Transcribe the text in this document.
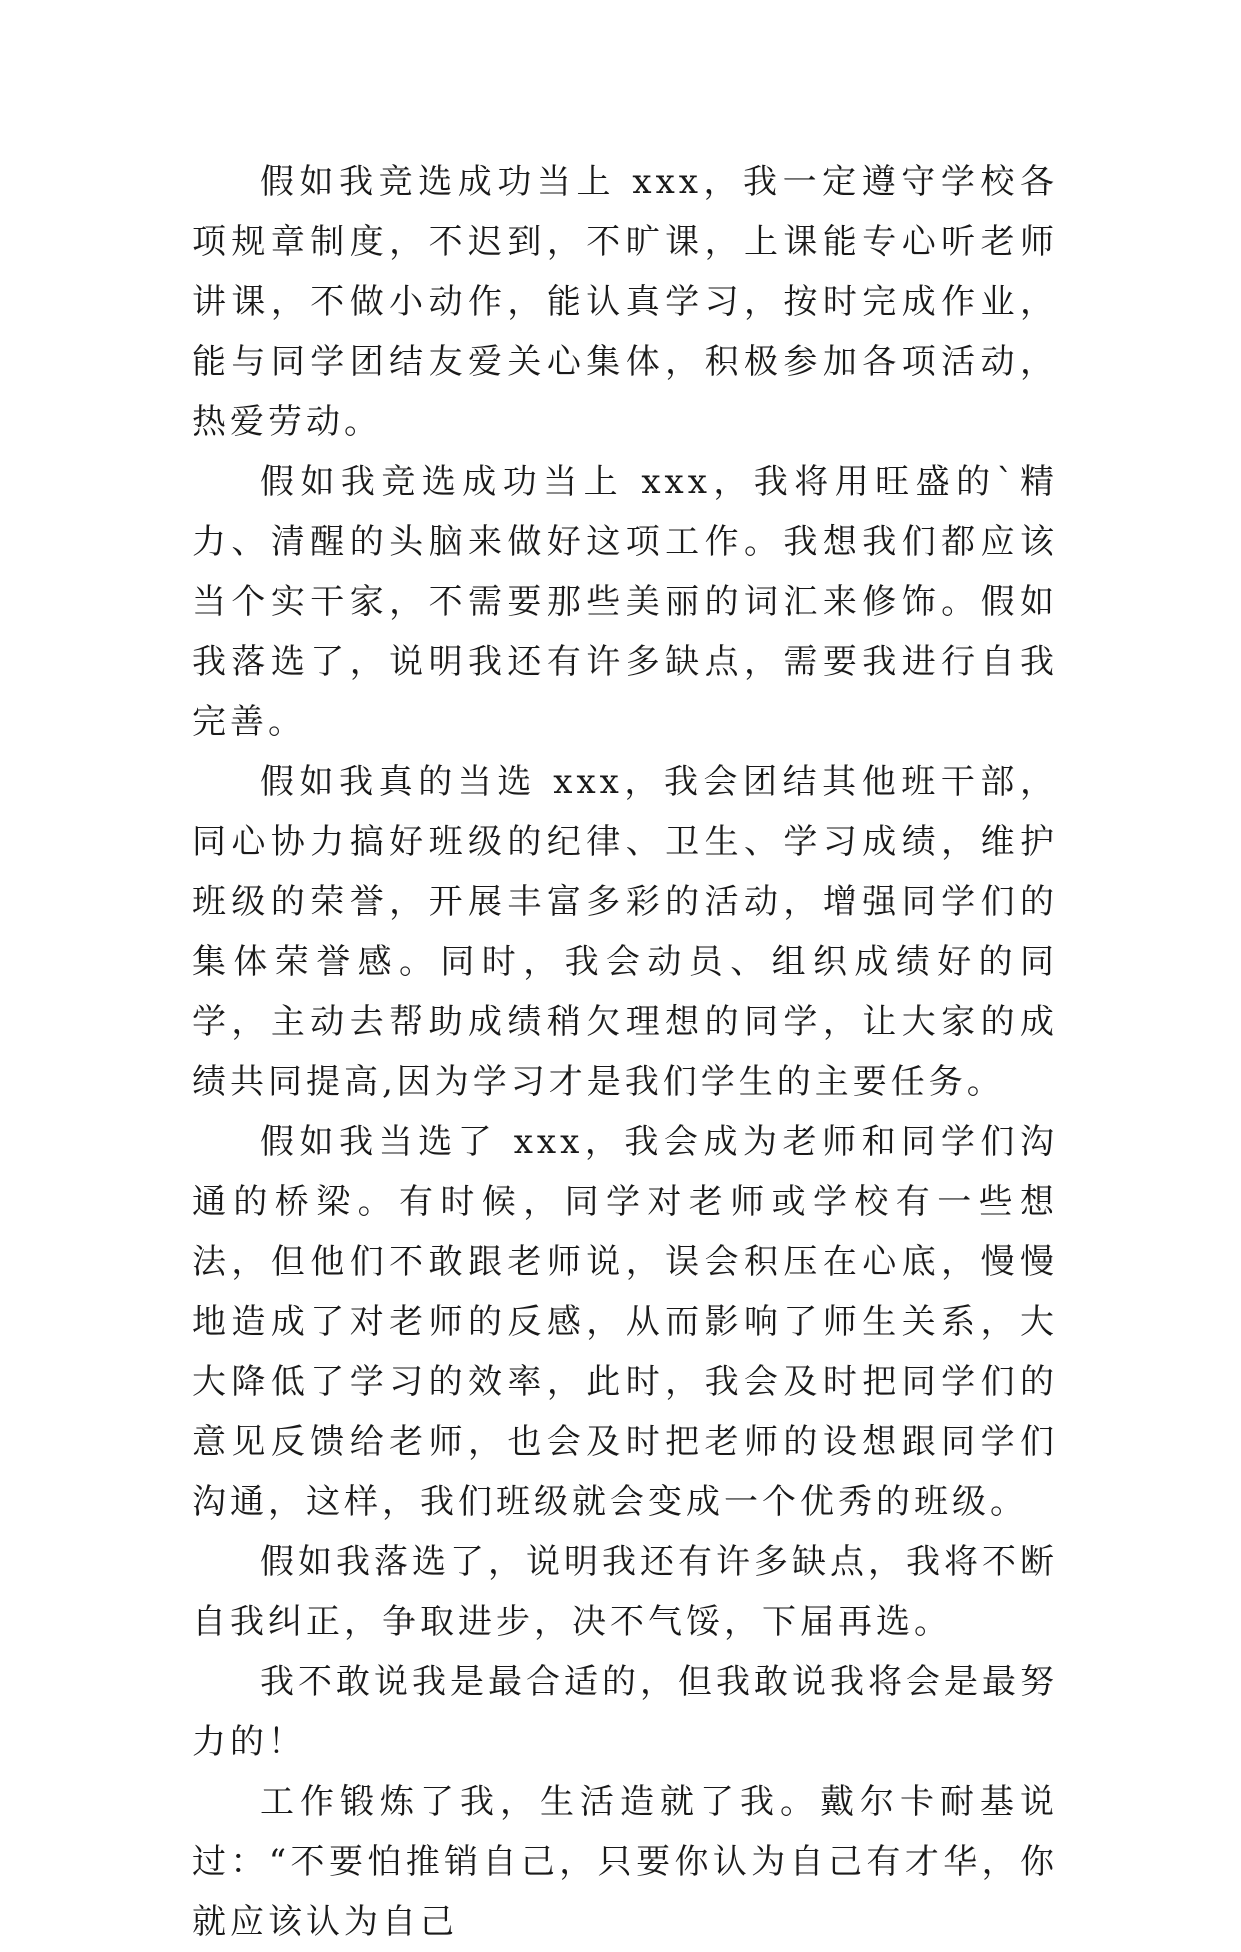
假如我竞选成功当上 xxx，我一定遵守学校各项规章制度，不迟到，不旷课，上课能专心听老师讲课，不做小动作，能认真学习，按时完成作业，能与同学团结友爱关心集体，积极参加各项活动，热爱劳动。

假如我竞选成功当上 xxx，我将用旺盛的`精力、清醒的头脑来做好这项工作。我想我们都应该当个实干家，不需要那些美丽的词汇来修饰。假如我落选了，说明我还有许多缺点，需要我进行自我完善。

假如我真的当选 xxx，我会团结其他班干部，同心协力搞好班级的纪律、卫生、学习成绩，维护班级的荣誉，开展丰富多彩的活动，增强同学们的集体荣誉感。同时，我会动员、组织成绩好的同学，主动去帮助成绩稍欠理想的同学，让大家的成绩共同提高,因为学习才是我们学生的主要任务。

假如我当选了 xxx，我会成为老师和同学们沟通的桥梁。有时候，同学对老师或学校有一些想法，但他们不敢跟老师说，误会积压在心底，慢慢地造成了对老师的反感，从而影响了师生关系，大大降低了学习的效率，此时，我会及时把同学们的意见反馈给老师，也会及时把老师的设想跟同学们沟通，这样，我们班级就会变成一个优秀的班级。

假如我落选了，说明我还有许多缺点，我将不断自我纠正，争取进步，决不气馁，下届再选。

我不敢说我是最合适的，但我敢说我将会是最努力的！

工作锻炼了我，生活造就了我。戴尔卡耐基说过：“不要怕推销自己，只要你认为自己有才华，你就应该认为自己
